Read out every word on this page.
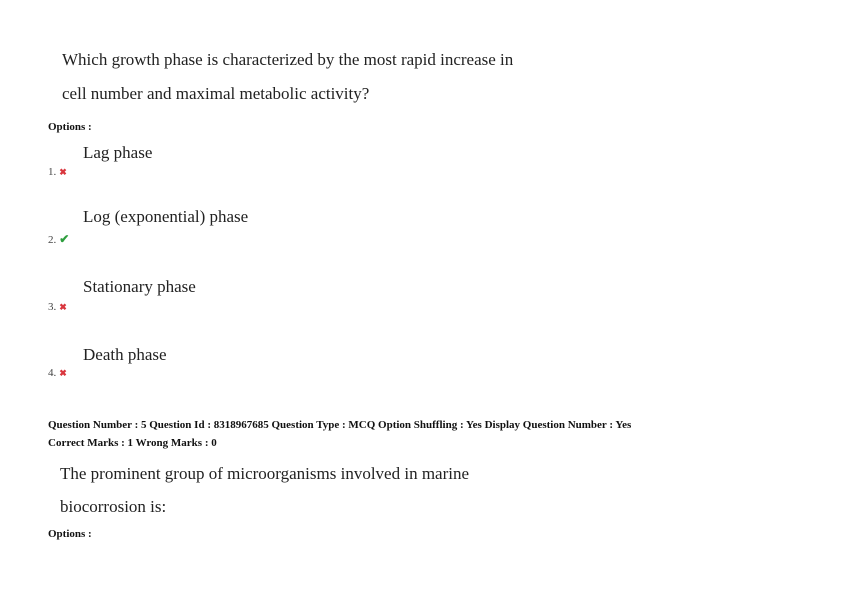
Which growth phase is characterized by the most rapid increase in
cell number and maximal metabolic activity?
Options :
Lag phase
1. ✖
Log (exponential) phase
2. ✔
Stationary phase
3. ✖
Death phase
4. ✖
Question Number : 5 Question Id : 8318967685 Question Type : MCQ Option Shuffling : Yes Display Question Number : Yes
Correct Marks : 1 Wrong Marks : 0
The prominent group of microorganisms involved in marine
biocorrosion is:
Options :
